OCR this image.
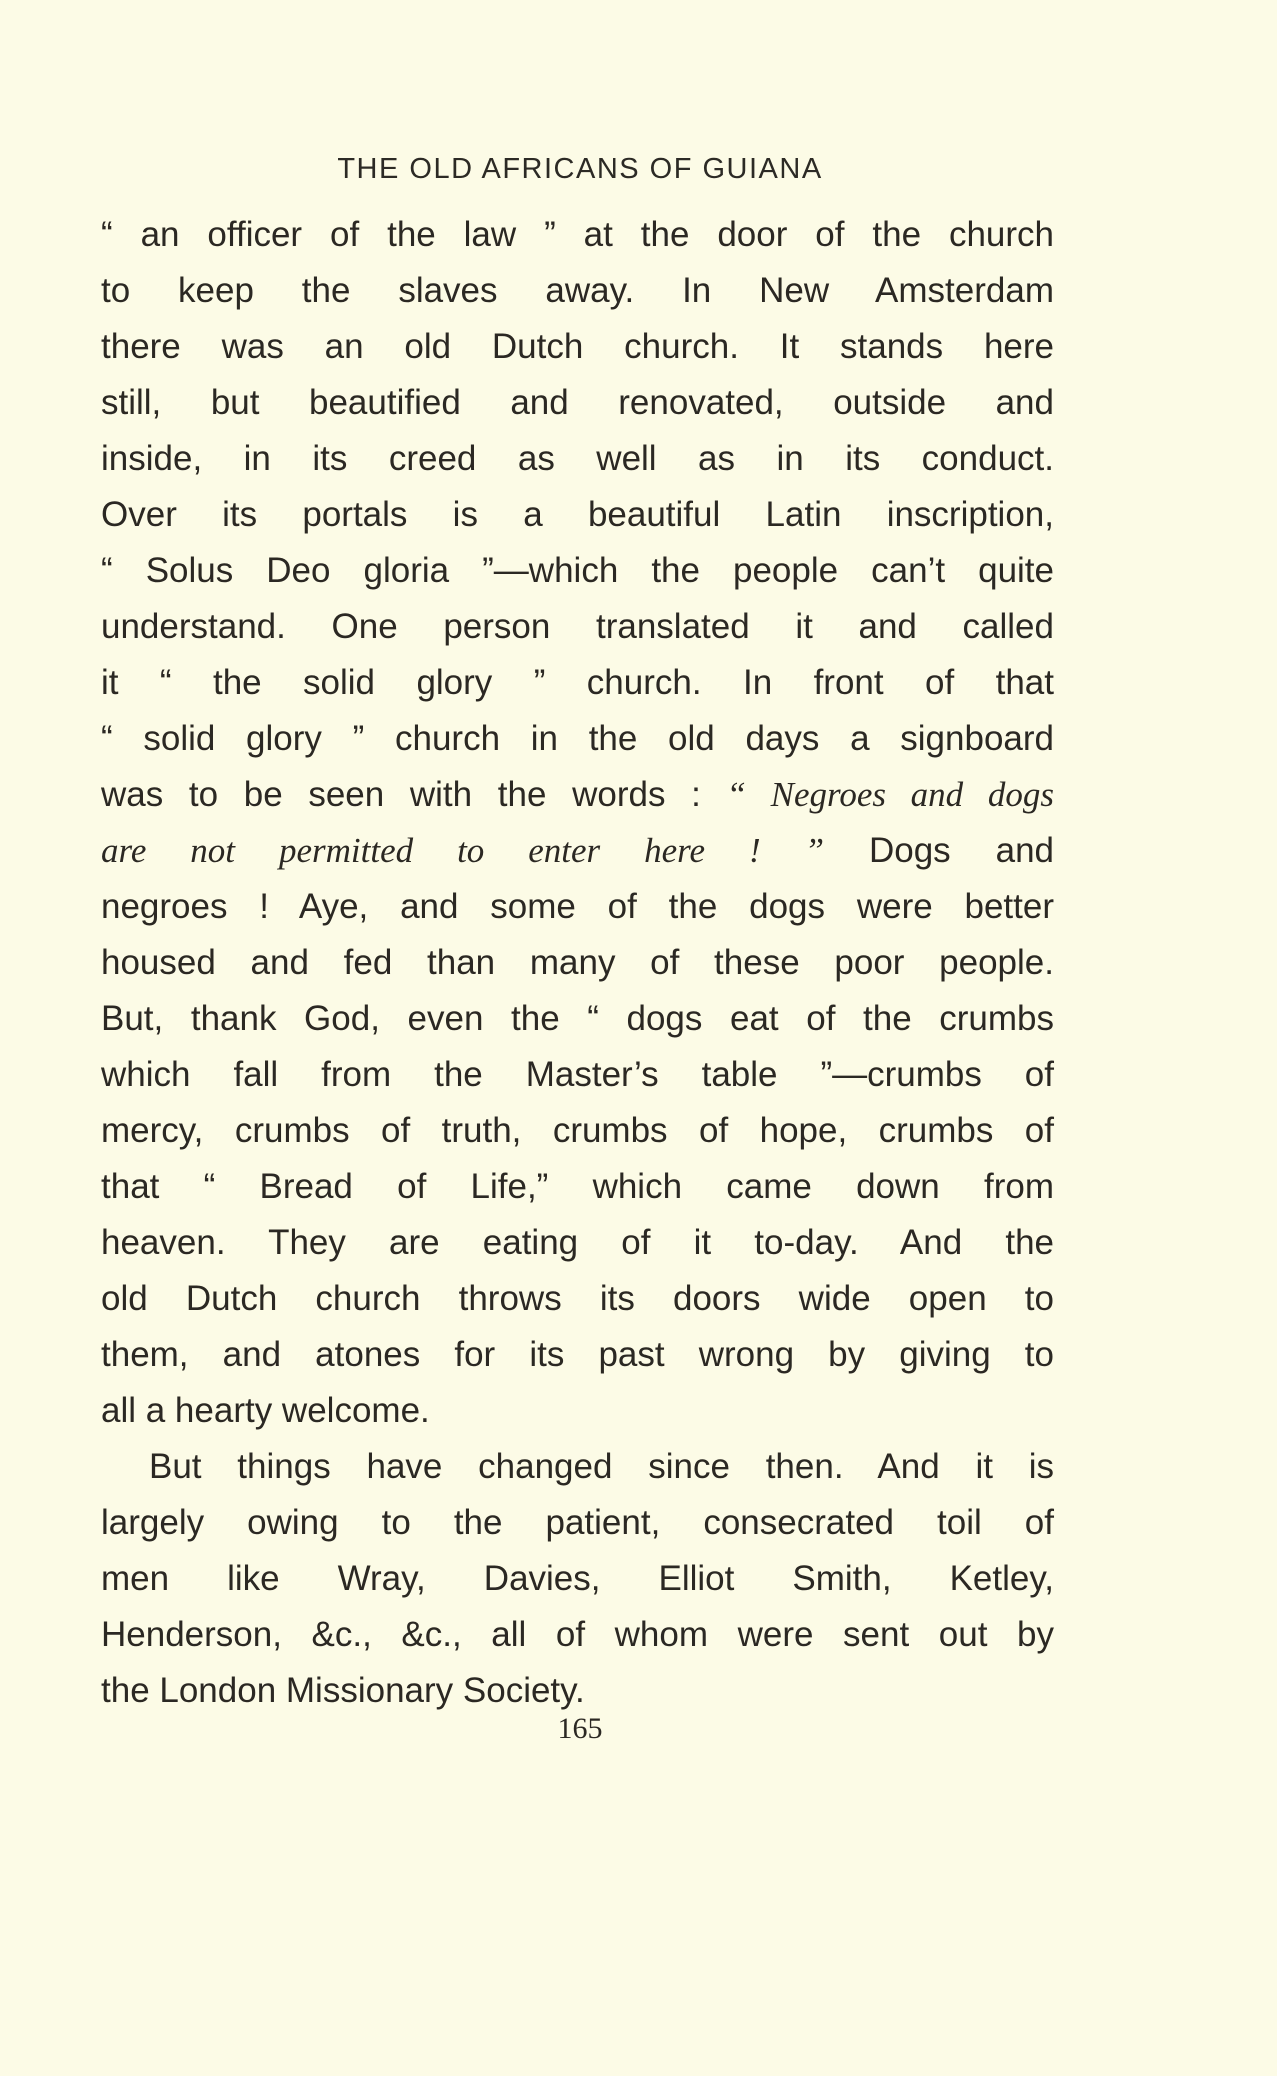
THE OLD AFRICANS OF GUIANA
“ an officer of the law ” at the door of the church
to keep the slaves away. In New Amsterdam
there was an old Dutch church. It stands here
still, but beautified and renovated, outside and
inside, in its creed as well as in its conduct.
Over its portals is a beautiful Latin inscription,
“ Solus Deo gloria ”—which the people can’t quite
understand. One person translated it and called
it “ the solid glory ” church. In front of that
“ solid glory ” church in the old days a signboard
was to be seen with the words : “ Negroes and dogs
are not permitted to enter here ! ” Dogs and
negroes ! Aye, and some of the dogs were better
housed and fed than many of these poor people.
But, thank God, even the “ dogs eat of the crumbs
which fall from the Master’s table ”—crumbs of
mercy, crumbs of truth, crumbs of hope, crumbs of
that “ Bread of Life,” which came down from
heaven. They are eating of it to-day. And the
old Dutch church throws its doors wide open to
them, and atones for its past wrong by giving to
all a hearty welcome.
But things have changed since then. And it is
largely owing to the patient, consecrated toil of
men like Wray, Davies, Elliot Smith, Ketley,
Henderson, &c., &c., all of whom were sent out by
the London Missionary Society.
165
